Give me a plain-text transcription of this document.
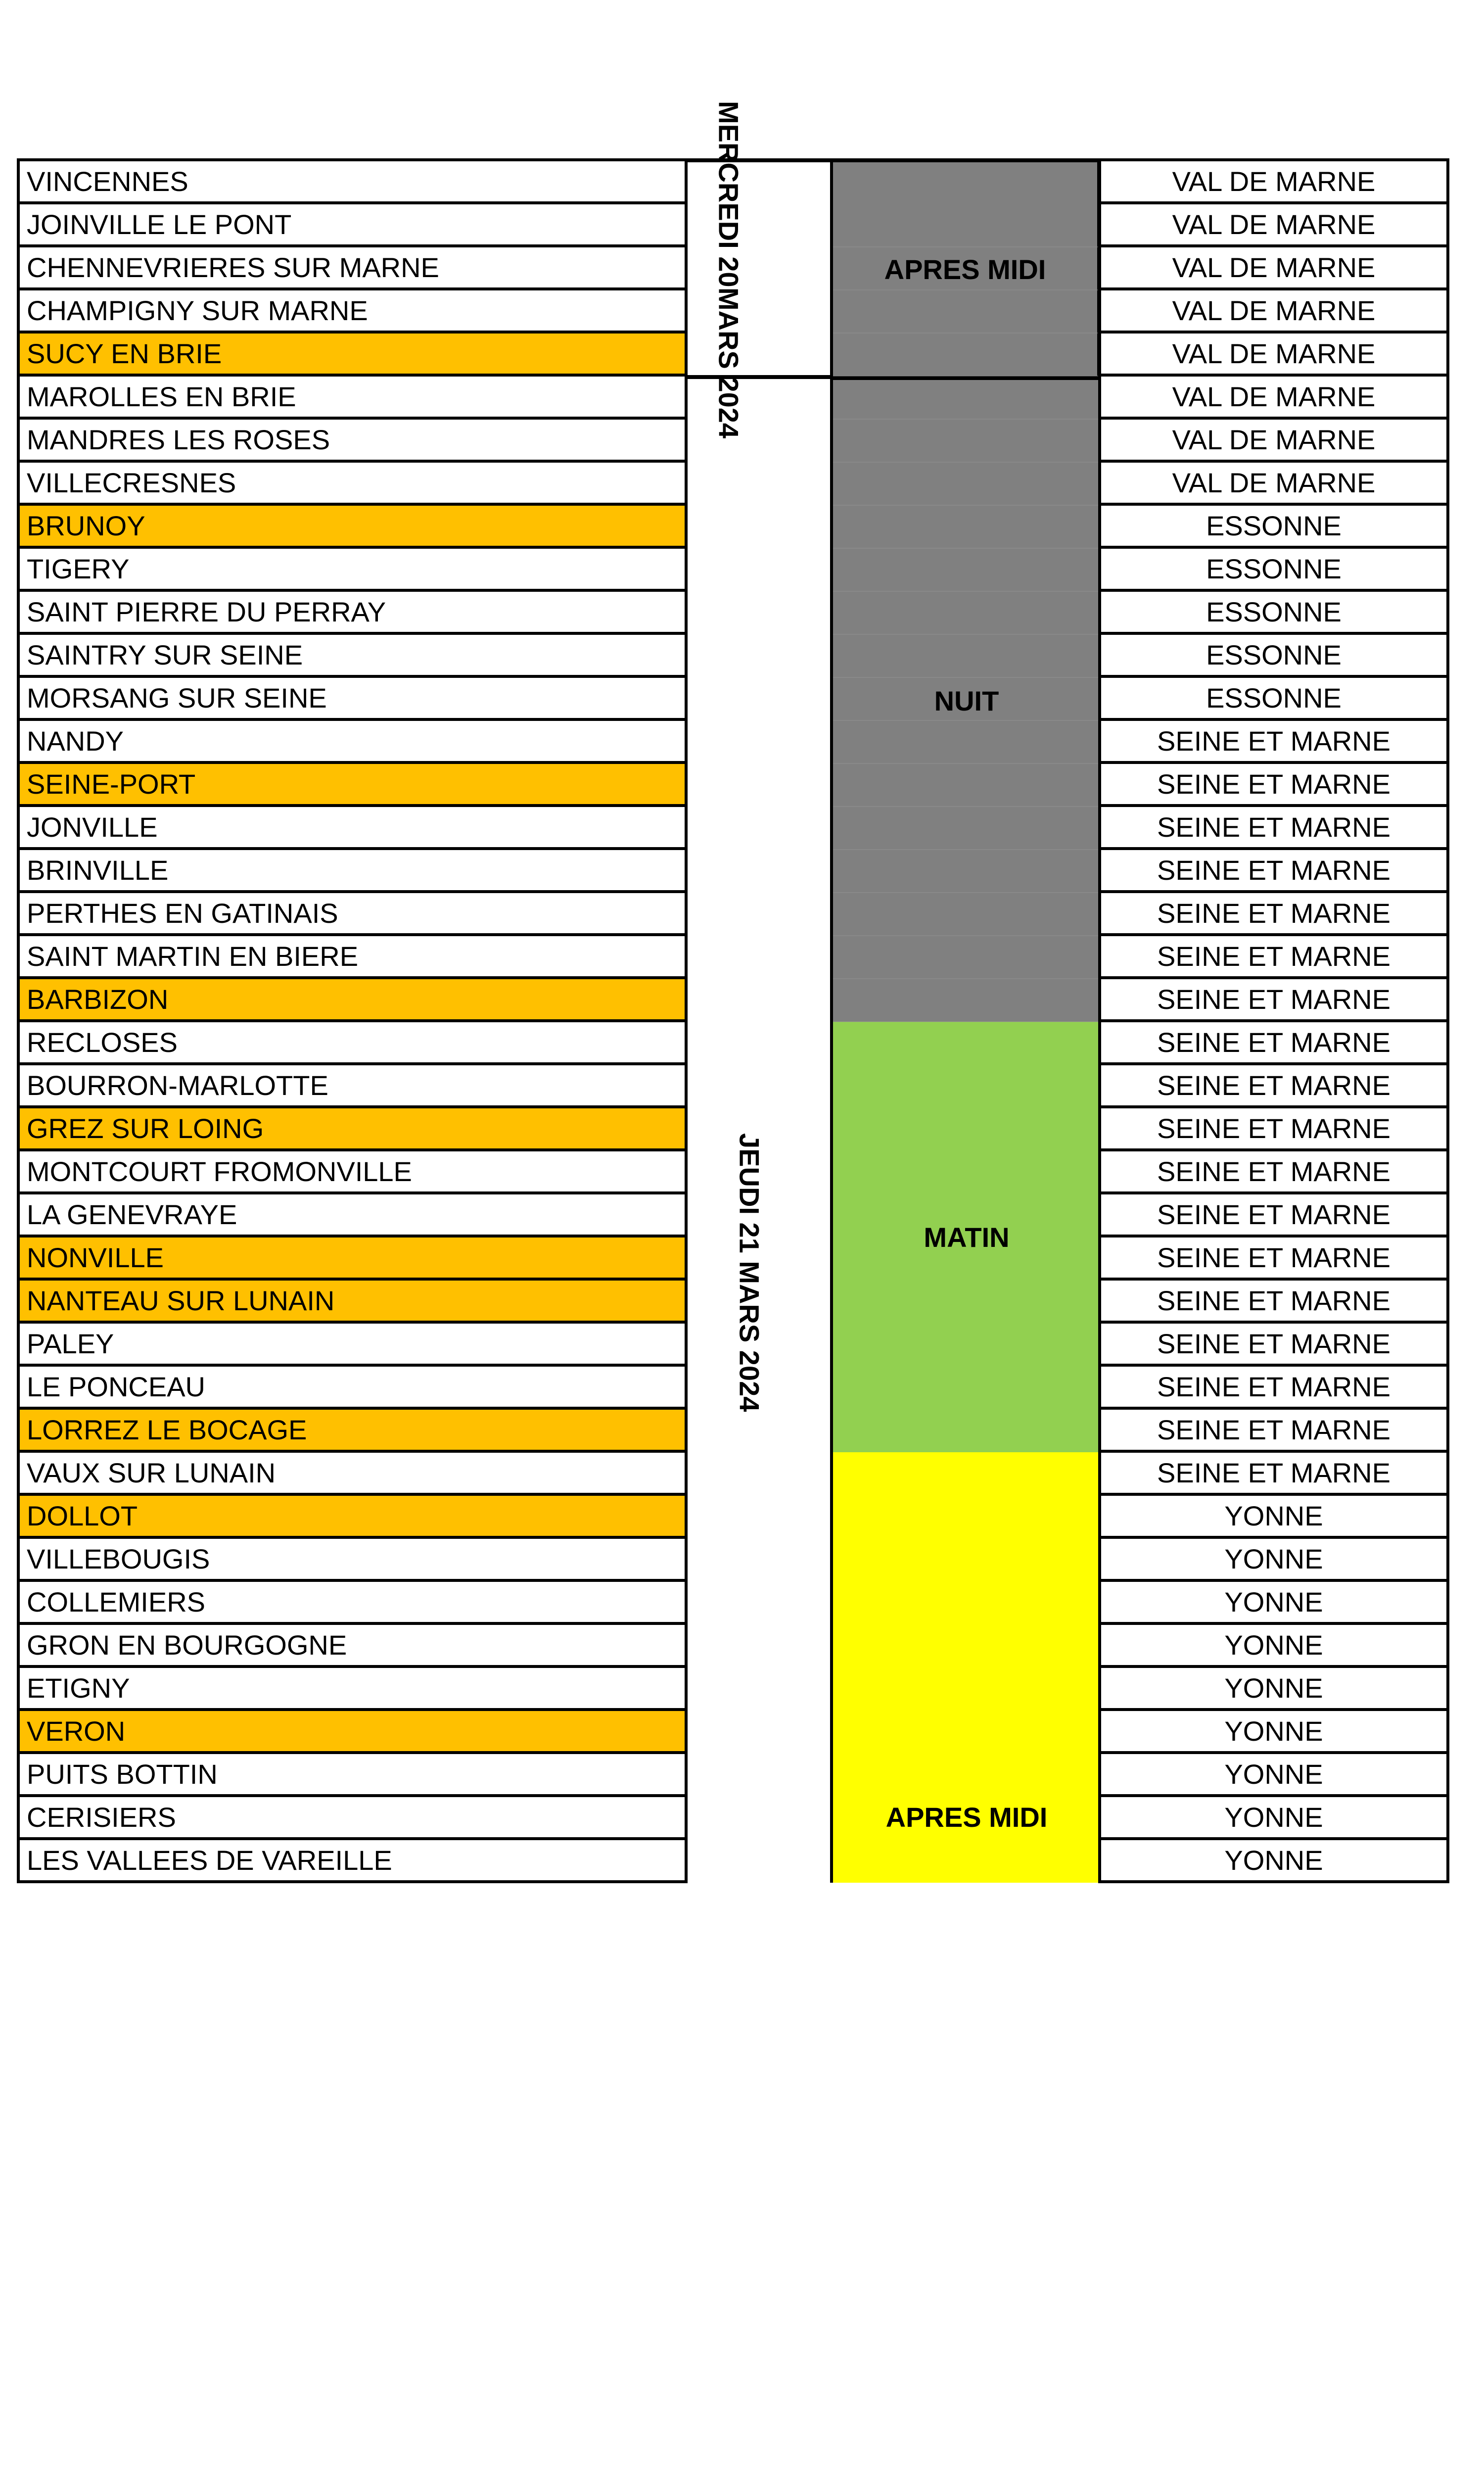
APRES MIDI
NUIT
MATIN
APRES MIDI
MERCREDI 20
MARS 2024
JEUDI 21 MARS 2024
VINCENNES	VAL DE MARNE
JOINVILLE LE PONT	VAL DE MARNE
CHENNEVRIERES SUR MARNE	VAL DE MARNE
CHAMPIGNY SUR MARNE	VAL DE MARNE
SUCY EN BRIE	VAL DE MARNE
MAROLLES EN BRIE	VAL DE MARNE
MANDRES LES ROSES	VAL DE MARNE
VILLECRESNES	VAL DE MARNE
BRUNOY	ESSONNE
TIGERY	ESSONNE
SAINT PIERRE DU PERRAY	ESSONNE
SAINTRY SUR SEINE	ESSONNE
MORSANG SUR SEINE	ESSONNE
NANDY	SEINE ET MARNE
SEINE-PORT	SEINE ET MARNE
JONVILLE	SEINE ET MARNE
BRINVILLE	SEINE ET MARNE
PERTHES EN GATINAIS	SEINE ET MARNE
SAINT MARTIN EN BIERE	SEINE ET MARNE
BARBIZON	SEINE ET MARNE
RECLOSES	SEINE ET MARNE
BOURRON-MARLOTTE	SEINE ET MARNE
GREZ SUR LOING	SEINE ET MARNE
MONTCOURT FROMONVILLE	SEINE ET MARNE
LA GENEVRAYE	SEINE ET MARNE
NONVILLE	SEINE ET MARNE
NANTEAU SUR LUNAIN	SEINE ET MARNE
PALEY	SEINE ET MARNE
LE PONCEAU	SEINE ET MARNE
LORREZ LE BOCAGE	SEINE ET MARNE
VAUX SUR LUNAIN	SEINE ET MARNE
DOLLOT	YONNE
VILLEBOUGIS	YONNE
COLLEMIERS	YONNE
GRON EN BOURGOGNE	YONNE
ETIGNY	YONNE
VERON	YONNE
PUITS BOTTIN	YONNE
CERISIERS	YONNE
LES VALLEES DE VAREILLE	YONNE
